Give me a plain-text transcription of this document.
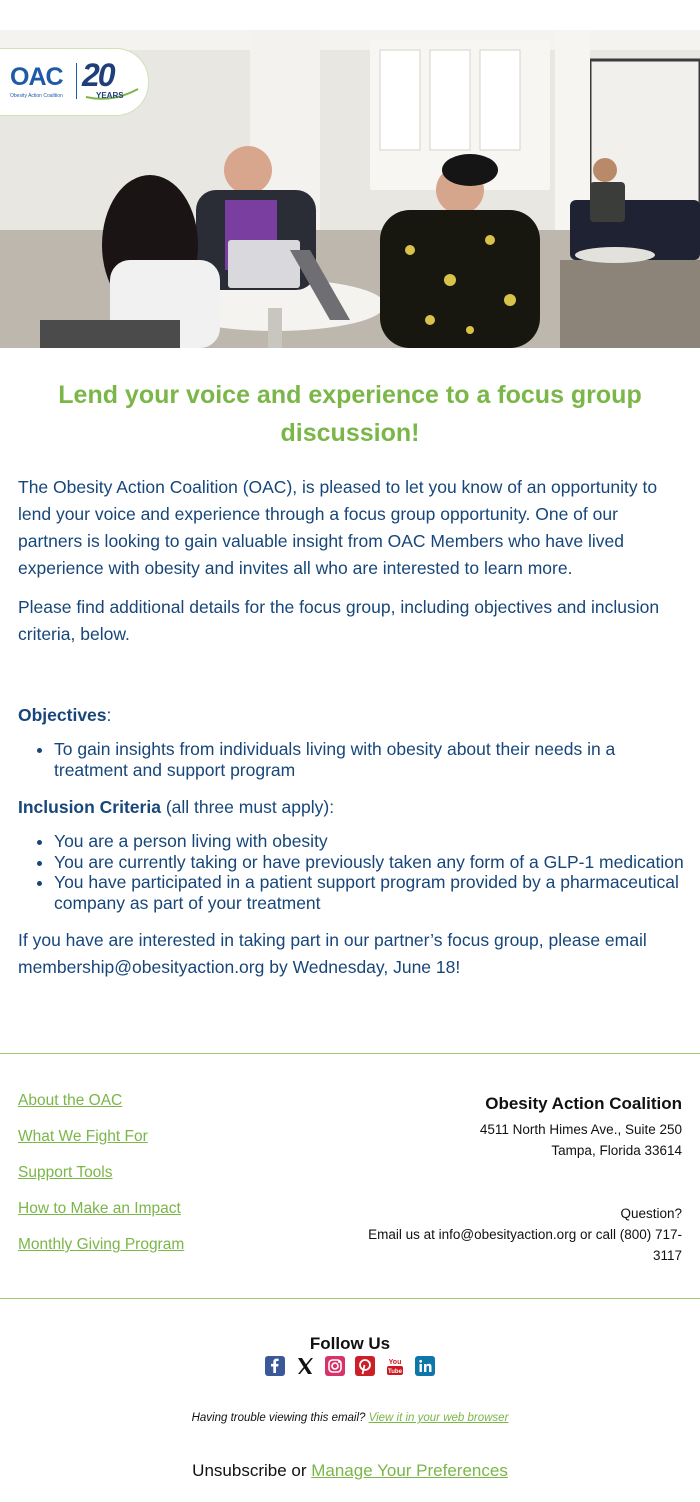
OAC
Obesity Action Coalition
20
YEARS
Lend your voice and experience to a focus group discussion!

The Obesity Action Coalition (OAC), is pleased to let you know of an opportunity to lend your voice and experience through a focus group opportunity. One of our partners is looking to gain valuable insight from OAC Members who have lived experience with obesity and invites all who are interested to learn more.

Please find additional details for the focus group, including objectives and inclusion criteria, below.

Objectives:

• To gain insights from individuals living with obesity about their needs in a treatment and support program

Inclusion Criteria (all three must apply):

• You are a person living with obesity
• You are currently taking or have previously taken any form of a GLP-1 medication
• You have participated in a patient support program provided by a pharmaceutical company as part of your treatment

If you have are interested in taking part in our partner’s focus group, please email membership@obesityaction.org by Wednesday, June 18!

About the OAC
What We Fight For
Support Tools
How to Make an Impact
Monthly Giving Program
Obesity Action Coalition
4511 North Himes Ave., Suite 250
Tampa, Florida 33614
Question?
Email us at info@obesityaction.org or call (800) 717-3117
Follow Us
You
Tube
Having trouble viewing this email? View it in your web browser
Unsubscribe or Manage Your Preferences
